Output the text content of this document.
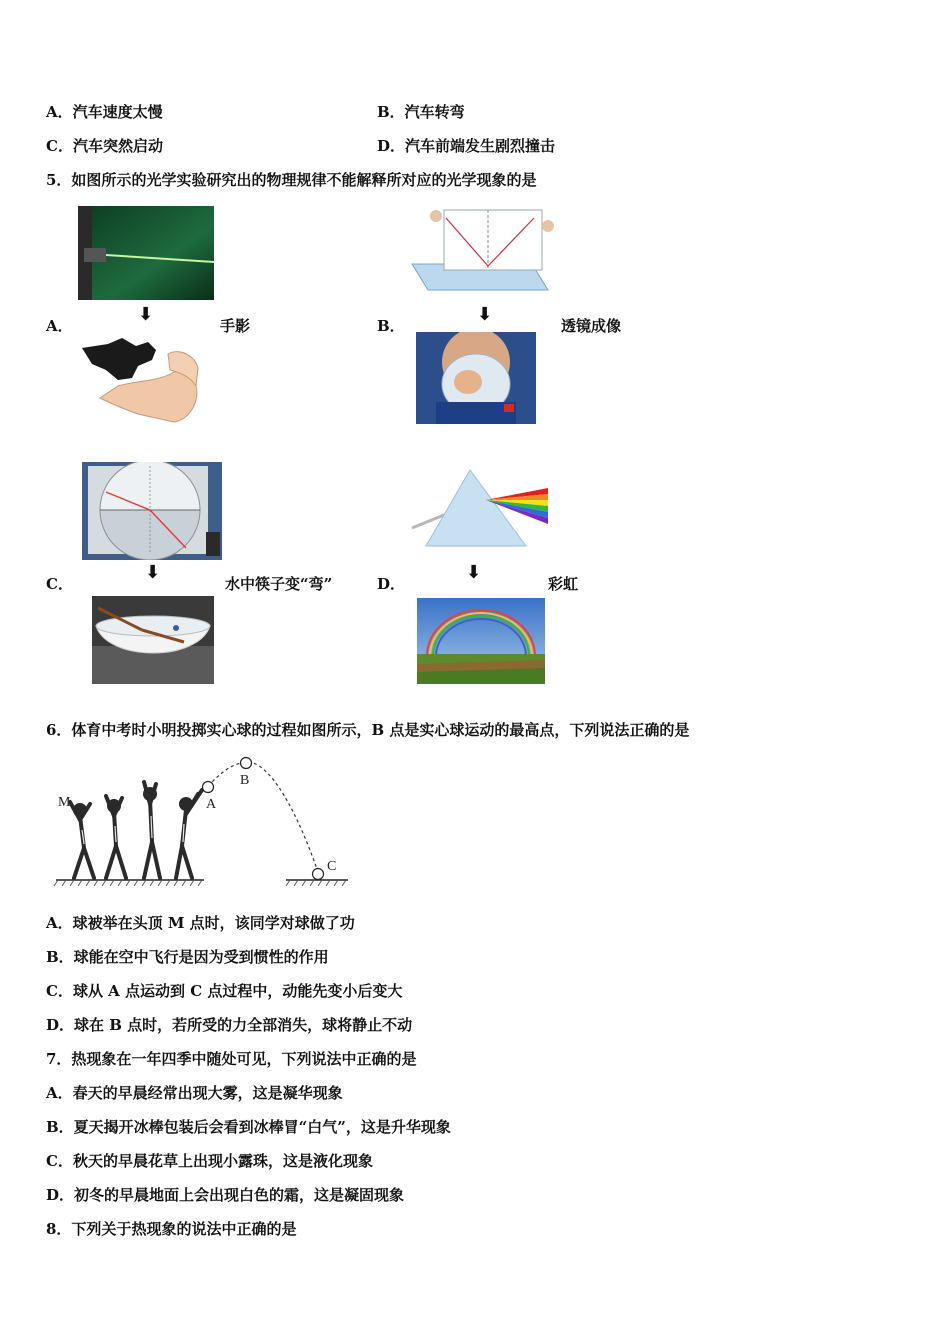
A．汽车速度太慢	B．汽车转弯
C．汽车突然启动	D．汽车前端发生剧烈撞击
5．如图所示的光学实验研究出的物理规律不能解释所对应的光学现象的是
⬇
A．	手影
⬇
B．	透镜成像
⬇
C．	水中筷子变“弯”
⬇
D．	彩虹
6．体育中考时小明投掷实心球的过程如图所示，B 点是实心球运动的最高点，下列说法正确的是
M	A
B
C
A．球被举在头顶 M 点时，该同学对球做了功
B．球能在空中飞行是因为受到惯性的作用
C．球从 A 点运动到 C 点过程中，动能先变小后变大
D．球在 B 点时，若所受的力全部消失，球将静止不动
7．热现象在一年四季中随处可见，下列说法中正确的是
A．春天的早晨经常出现大雾，这是凝华现象
B．夏天揭开冰棒包装后会看到冰棒冒“白气”，这是升华现象
C．秋天的早晨花草上出现小露珠，这是液化现象
D．初冬的早晨地面上会出现白色的霜，这是凝固现象
8．下列关于热现象的说法中正确的是
